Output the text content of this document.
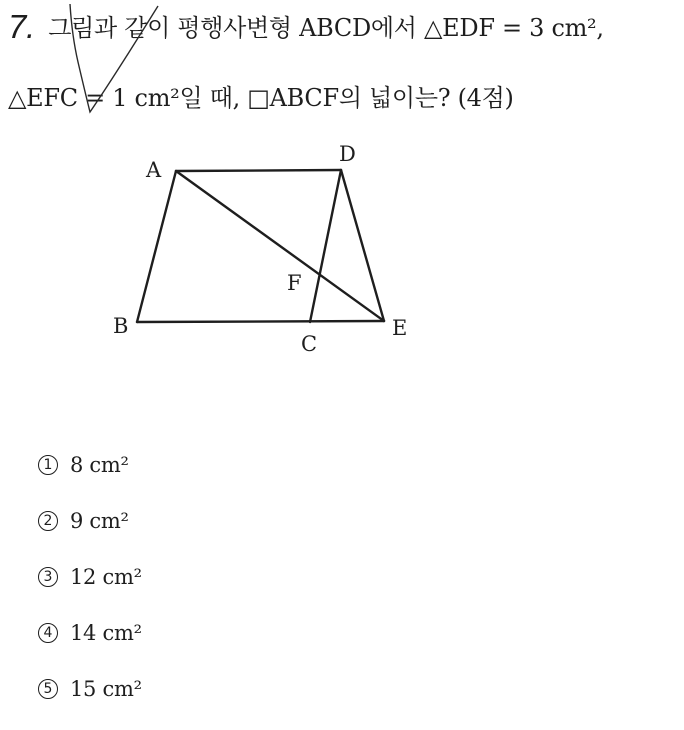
7. 그림과 같이 평행사변형 ABCD에서 △EDF = 3 cm²,
△EFC = 1 cm²일 때, □ABCF의 넓이는? (4점)
A
D
F
B
C
E
1 8 cm²
2 9 cm²
3 12 cm²
4 14 cm²
5 15 cm²
